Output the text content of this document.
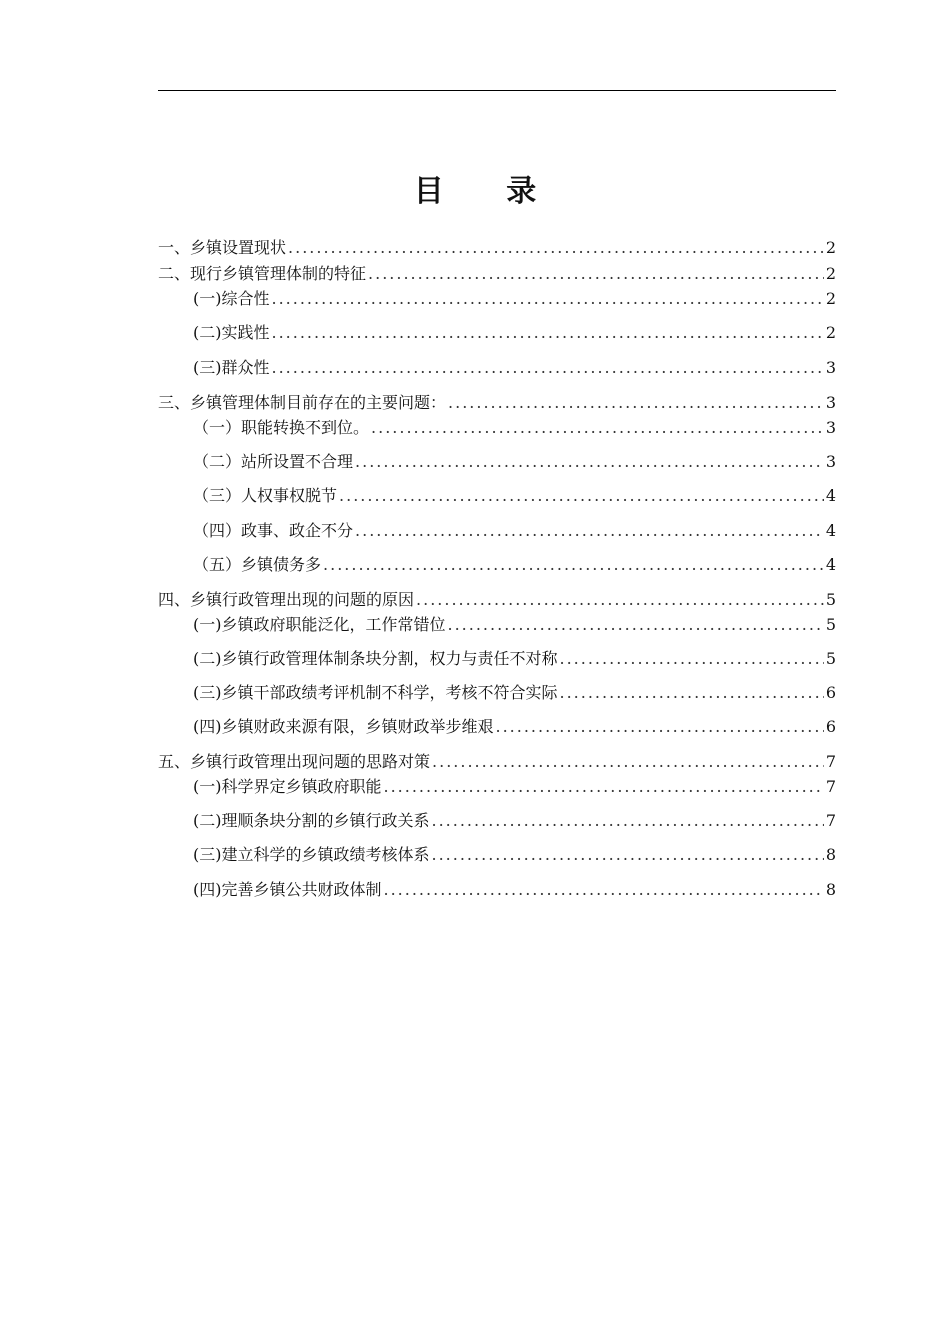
目 录
一、乡镇设置现状 .....	2
二、现行乡镇管理体制的特征 .....	2
(一)综合性 .....	2
(二)实践性 .....	2
(三)群众性 .....	3
三、乡镇管理体制目前存在的主要问题： .....	3
（一）职能转换不到位。 .....	3
（二）站所设置不合理 .....	3
（三）人权事权脱节 .....	4
（四）政事、政企不分 .....	4
（五）乡镇债务多 .....	4
四、乡镇行政管理出现的问题的原因 .....	5
(一)乡镇政府职能泛化，工作常错位 .....	5
(二)乡镇行政管理体制条块分割，权力与责任不对称 .....	5
(三)乡镇干部政绩考评机制不科学，考核不符合实际 .....	6
(四)乡镇财政来源有限，乡镇财政举步维艰 .....	6
五、乡镇行政管理出现问题的思路对策 .....	7
(一)科学界定乡镇政府职能 .....	7
(二)理顺条块分割的乡镇行政关系 .....	7
(三)建立科学的乡镇政绩考核体系 .....	8
(四)完善乡镇公共财政体制 .....	8
